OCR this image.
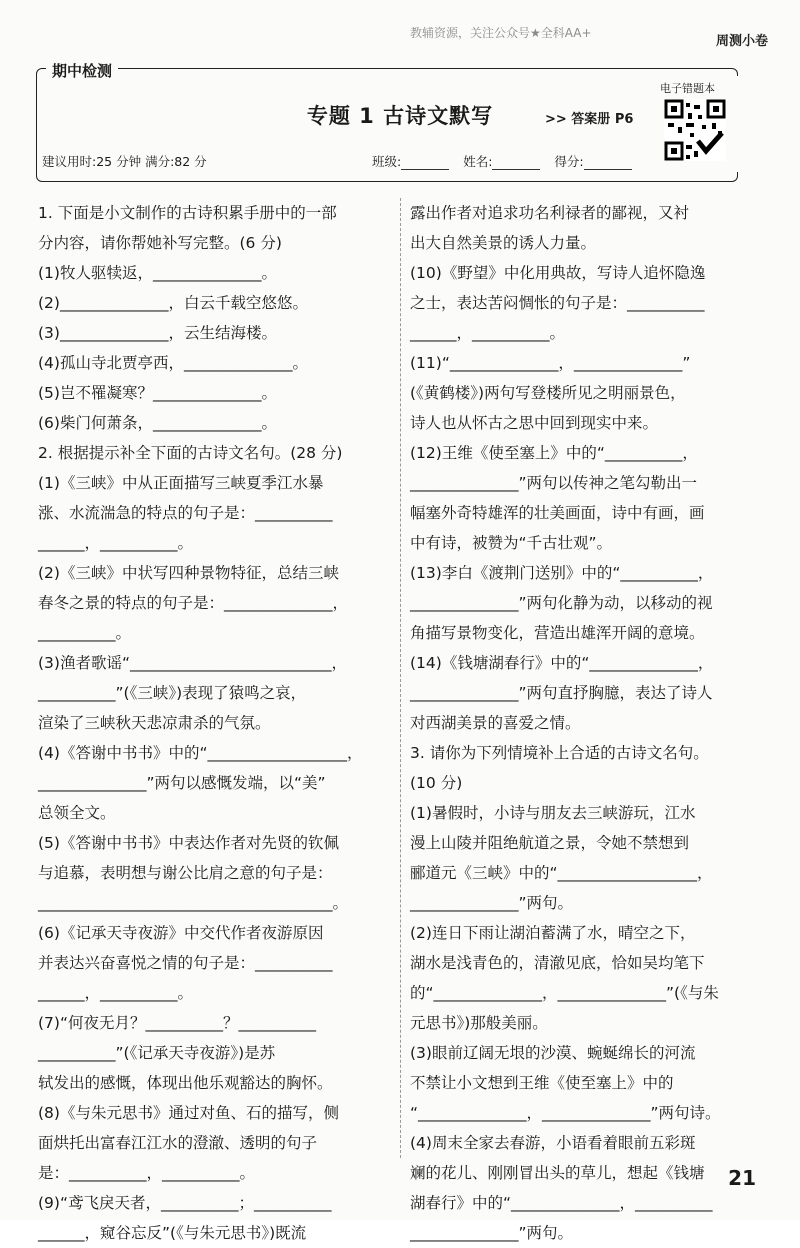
教辅资源，关注公众号★全科AA+
周测小卷
期中检测
专题 1 古诗文默写	>> 答案册 P6
建议用时:25 分钟 满分:82 分	班级:	姓名:	得分:
电子错题本
1. 下面是小文制作的古诗积累手册中的一部
分内容，请你帮她补写完整。(6 分)
(1)牧人驱犊返，______________。
(2)______________，白云千载空悠悠。
(3)______________，云生结海楼。
(4)孤山寺北贾亭西，______________。
(5)岂不罹凝寒？______________。
(6)柴门何萧条，______________。
2. 根据提示补全下面的古诗文名句。(28 分)
(1)《三峡》中从正面描写三峡夏季江水暴
涨、水流湍急的特点的句子是：__________
______，__________。
(2)《三峡》中状写四种景物特征，总结三峡
春冬之景的特点的句子是：______________，
__________。
(3)渔者歌谣“__________________________，
__________”(《三峡》)表现了猿鸣之哀，
渲染了三峡秋天悲凉肃杀的气氛。
(4)《答谢中书书》中的“__________________，
______________”两句以感慨发端，以“美”
总领全文。
(5)《答谢中书书》中表达作者对先贤的钦佩
与追慕，表明想与谢公比肩之意的句子是：
______________________________________。
(6)《记承天寺夜游》中交代作者夜游原因
并表达兴奋喜悦之情的句子是：__________
______，__________。
(7)“何夜无月？__________？__________
__________”(《记承天寺夜游》)是苏
轼发出的感慨，体现出他乐观豁达的胸怀。
(8)《与朱元思书》通过对鱼、石的描写，侧
面烘托出富春江江水的澄澈、透明的句子
是：__________，__________。
(9)“鸢飞戾天者，__________；__________
______，窥谷忘反”(《与朱元思书》)既流
露出作者对追求功名利禄者的鄙视，又衬
出大自然美景的诱人力量。
(10)《野望》中化用典故，写诗人追怀隐逸
之士，表达苦闷惆怅的句子是：__________
______，__________。
(11)“______________，______________”
(《黄鹤楼》)两句写登楼所见之明丽景色，
诗人也从怀古之思中回到现实中来。
(12)王维《使至塞上》中的“__________，
______________”两句以传神之笔勾勒出一
幅塞外奇特雄浑的壮美画面，诗中有画，画
中有诗，被赞为“千古壮观”。
(13)李白《渡荆门送别》中的“__________，
______________”两句化静为动，以移动的视
角描写景物变化，营造出雄浑开阔的意境。
(14)《钱塘湖春行》中的“______________，
______________”两句直抒胸臆，表达了诗人
对西湖美景的喜爱之情。
3. 请你为下列情境补上合适的古诗文名句。
(10 分)
(1)暑假时，小诗与朋友去三峡游玩，江水
漫上山陵并阻绝航道之景，令她不禁想到
郦道元《三峡》中的“__________________，
______________”两句。
(2)连日下雨让湖泊蓄满了水，晴空之下，
湖水是浅青色的，清澈见底，恰如吴均笔下
的“______________，______________”(《与朱
元思书》)那般美丽。
(3)眼前辽阔无垠的沙漠、蜿蜒绵长的河流
不禁让小文想到王维《使至塞上》中的
“______________，______________”两句诗。
(4)周末全家去春游，小语看着眼前五彩斑
斓的花儿、刚刚冒出头的草儿，想起《钱塘
湖春行》中的“______________，__________
______________”两句。
21
